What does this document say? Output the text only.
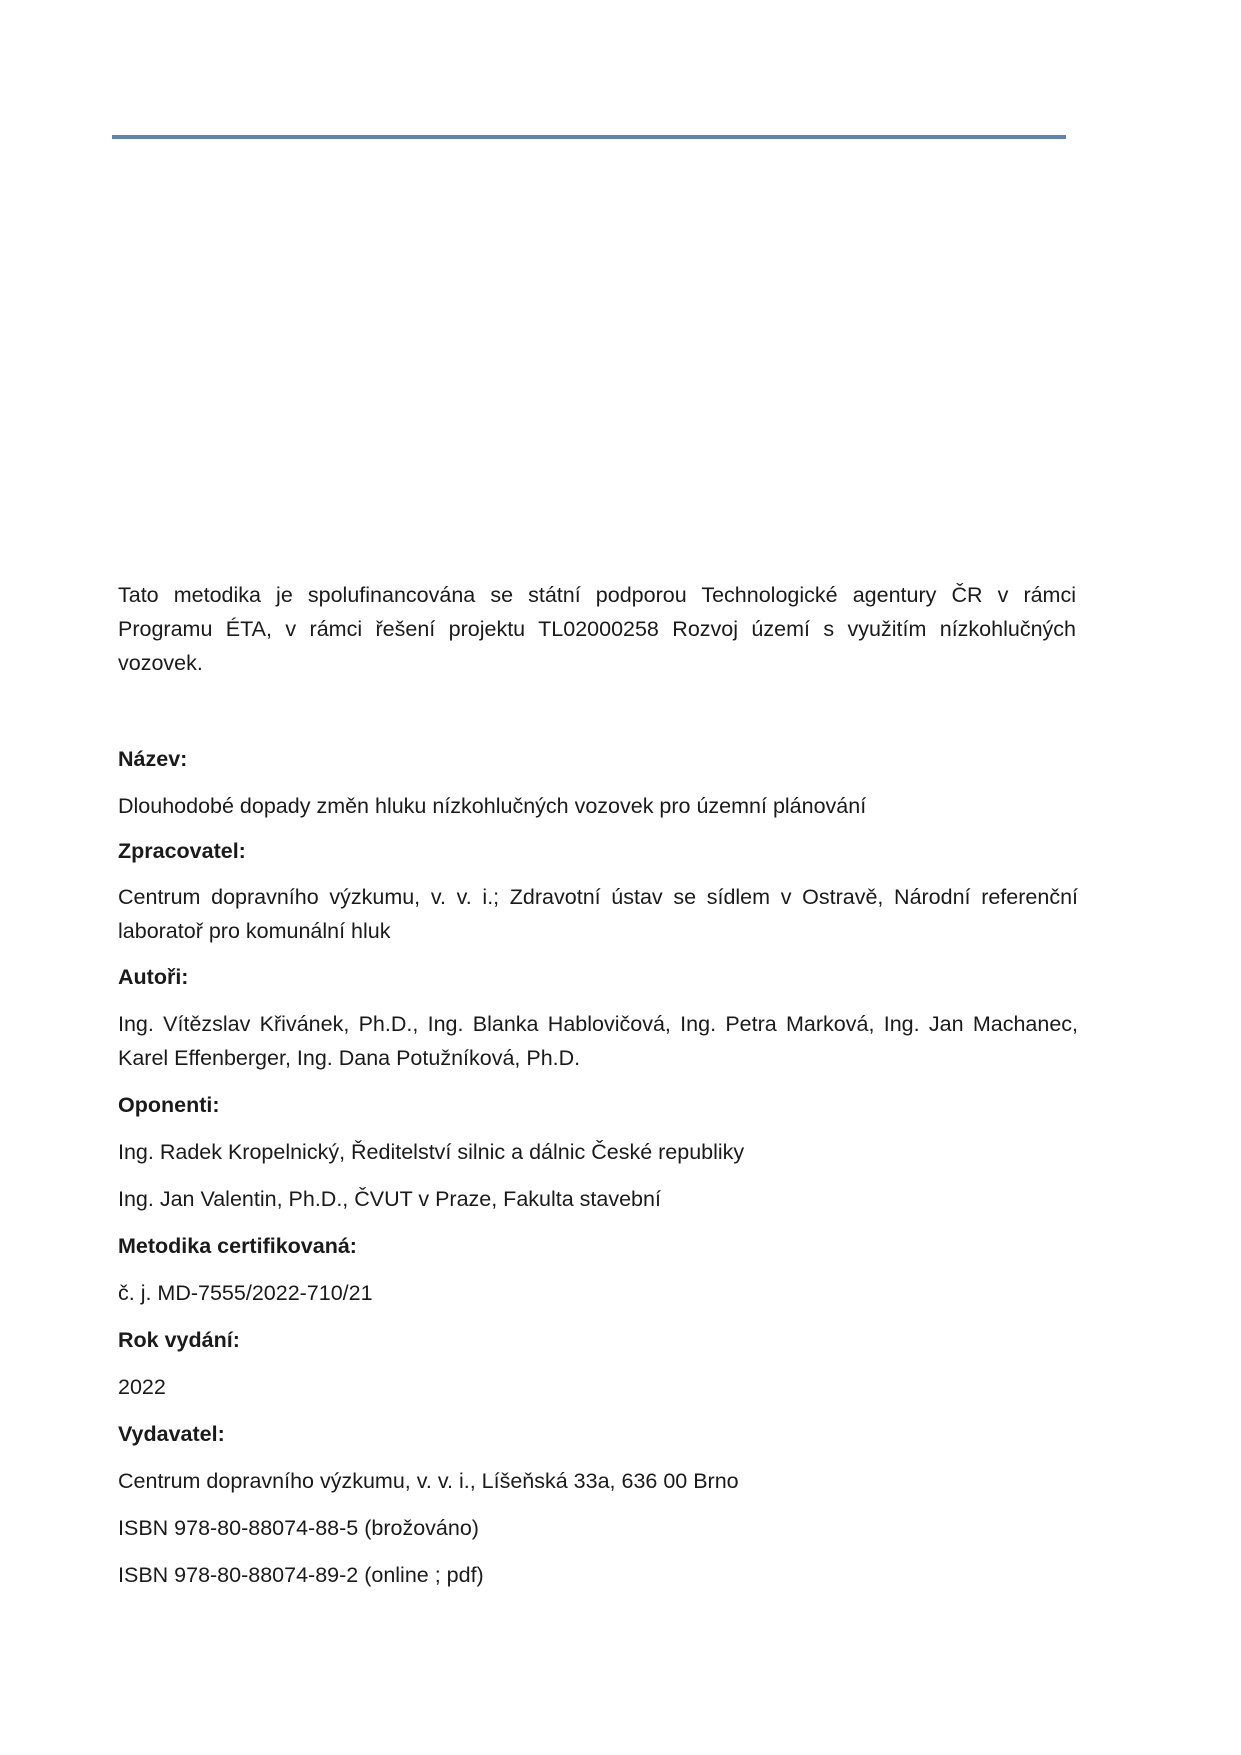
Tato metodika je spolufinancována se státní podporou Technologické agentury ČR v rámci Programu ÉTA, v rámci řešení projektu TL02000258 Rozvoj území s využitím nízkohlučných vozovek.

Název:
Dlouhodobé dopady změn hluku nízkohlučných vozovek pro územní plánování
Zpracovatel:
Centrum dopravního výzkumu, v. v. i.; Zdravotní ústav se sídlem v Ostravě, Národní referenční laboratoř pro komunální hluk
Autoři:
Ing. Vítězslav Křivánek, Ph.D., Ing. Blanka Hablovičová, Ing. Petra Marková, Ing. Jan Machanec, Karel Effenberger, Ing. Dana Potužníková, Ph.D.
Oponenti:
Ing. Radek Kropelnický, Ředitelství silnic a dálnic České republiky
Ing. Jan Valentin, Ph.D., ČVUT v Praze, Fakulta stavební
Metodika certifikovaná:
č. j. MD-7555/2022-710/21
Rok vydání:
2022
Vydavatel:
Centrum dopravního výzkumu, v. v. i., Líšeňská 33a, 636 00 Brno
ISBN 978-80-88074-88-5 (brožováno)
ISBN 978-80-88074-89-2 (online ; pdf)
